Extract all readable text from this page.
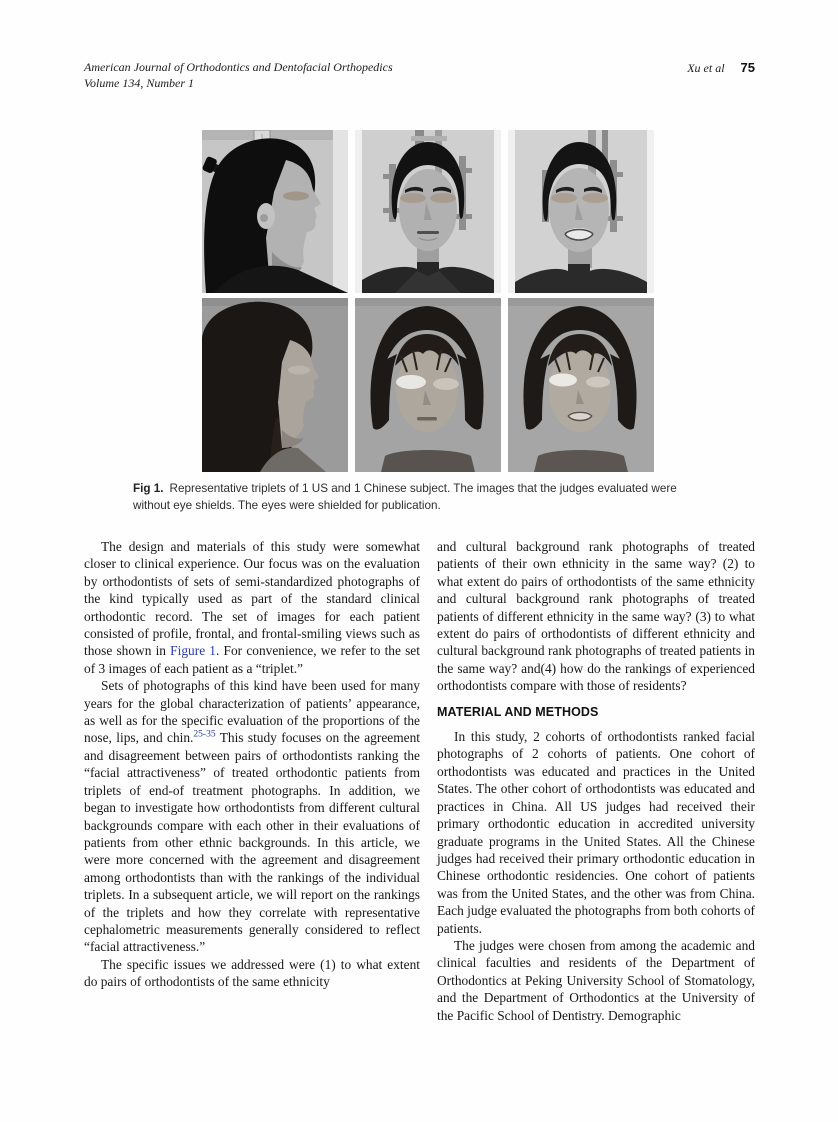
American Journal of Orthodontics and Dentofacial Orthopedics
Volume 134, Number 1
Xu et al 75
Fig 1. Representative triplets of 1 US and 1 Chinese subject. The images that the judges evaluated were without eye shields. The eyes were shielded for publication.

The design and materials of this study were somewhat closer to clinical experience. Our focus was on the evaluation by orthodontists of sets of semi-standardized photographs of the kind typically used as part of the standard clinical orthodontic record. The set of images for each patient consisted of profile, frontal, and frontal-smiling views such as those shown in Figure 1. For convenience, we refer to the set of 3 images of each patient as a “triplet.”

Sets of photographs of this kind have been used for many years for the global characterization of patients’ appearance, as well as for the specific evaluation of the proportions of the nose, lips, and chin.$^{25-35}$ This study focuses on the agreement and disagreement between pairs of orthodontists ranking the “facial attractiveness” of treated orthodontic patients from triplets of end-of treatment photographs. In addition, we began to investigate how orthodontists from different cultural backgrounds compare with each other in their evaluations of patients from other ethnic backgrounds. In this article, we were more concerned with the agreement and disagreement among orthodontists than with the rankings of the individual triplets. In a subsequent article, we will report on the rankings of the triplets and how they correlate with representative cephalometric measurements generally considered to reflect “facial attractiveness.”

The specific issues we addressed were (1) to what extent do pairs of orthodontists of the same ethnicity

and cultural background rank photographs of treated patients of their own ethnicity in the same way? (2) to what extent do pairs of orthodontists of the same ethnicity and cultural background rank photographs of treated patients of different ethnicity in the same way? (3) to what extent do pairs of orthodontists of different ethnicity and cultural background rank photographs of treated patients in the same way? and(4) how do the rankings of experienced orthodontists compare with those of residents?

MATERIAL AND METHODS

In this study, 2 cohorts of orthodontists ranked facial photographs of 2 cohorts of patients. One cohort of orthodontists was educated and practices in the United States. The other cohort of orthodontists was educated and practices in China. All US judges had received their primary orthodontic education in accredited university graduate programs in the United States. All the Chinese judges had received their primary orthodontic education in Chinese orthodontic residencies. One cohort of patients was from the United States, and the other was from China. Each judge evaluated the photographs from both cohorts of patients.

The judges were chosen from among the academic and clinical faculties and residents of the Department of Orthodontics at Peking University School of Stomatology, and the Department of Orthodontics at the University of the Pacific School of Dentistry. Demographic
